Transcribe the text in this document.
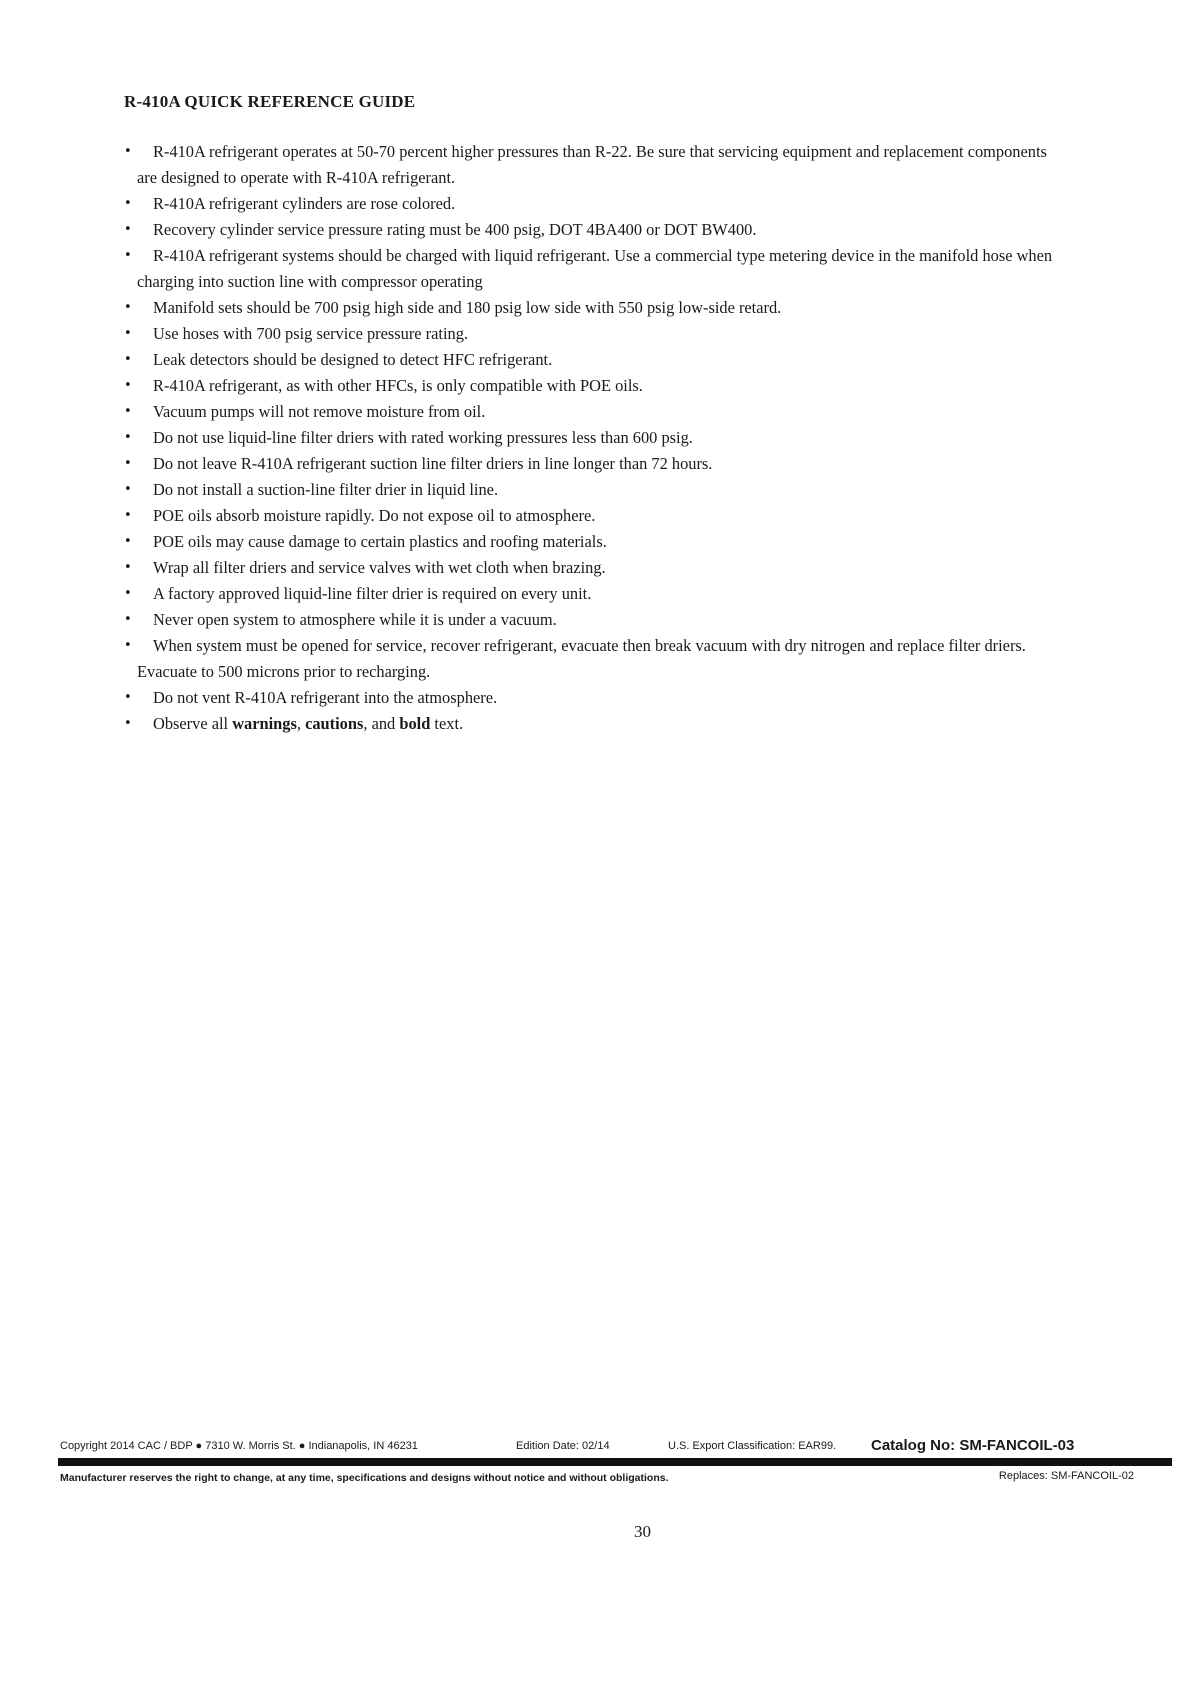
R-410A QUICK REFERENCE GUIDE
•	R-410A refrigerant operates at 50-70 percent higher pressures than R-22. Be sure that servicing equipment and replacement components are designed to operate with R-410A refrigerant.
•	R-410A refrigerant cylinders are rose colored.
•	Recovery cylinder service pressure rating must be 400 psig, DOT 4BA400 or DOT BW400.
•	R-410A refrigerant systems should be charged with liquid refrigerant. Use a commercial type metering device in the manifold hose when charging into suction line with compressor operating
•	Manifold sets should be 700 psig high side and 180 psig low side with 550 psig low-side retard.
•	Use hoses with 700 psig service pressure rating.
•	Leak detectors should be designed to detect HFC refrigerant.
•	R-410A refrigerant, as with other HFCs, is only compatible with POE oils.
•	Vacuum pumps will not remove moisture from oil.
•	Do not use liquid-line filter driers with rated working pressures less than 600 psig.
•	Do not leave R-410A refrigerant suction line filter driers in line longer than 72 hours.
•	Do not install a suction-line filter drier in liquid line.
•	POE oils absorb moisture rapidly. Do not expose oil to atmosphere.
•	POE oils may cause damage to certain plastics and roofing materials.
•	Wrap all filter driers and service valves with wet cloth when brazing.
•	A factory approved liquid-line filter drier is required on every unit.
•	Never open system to atmosphere while it is under a vacuum.
•	When system must be opened for service, recover refrigerant, evacuate then break vacuum with dry nitrogen and replace filter driers. Evacuate to 500 microns prior to recharging.
•	Do not vent R-410A refrigerant into the atmosphere.
•	Observe all warnings, cautions, and bold text.
Copyright 2014 CAC / BDP ● 7310 W. Morris St. ● Indianapolis, IN 46231	Edition Date: 02/14	U.S. Export Classification: EAR99. Catalog No: SM-FANCOIL-03
Manufacturer reserves the right to change, at any time, specifications and designs without notice and without obligations.	Replaces: SM-FANCOIL-02
30
